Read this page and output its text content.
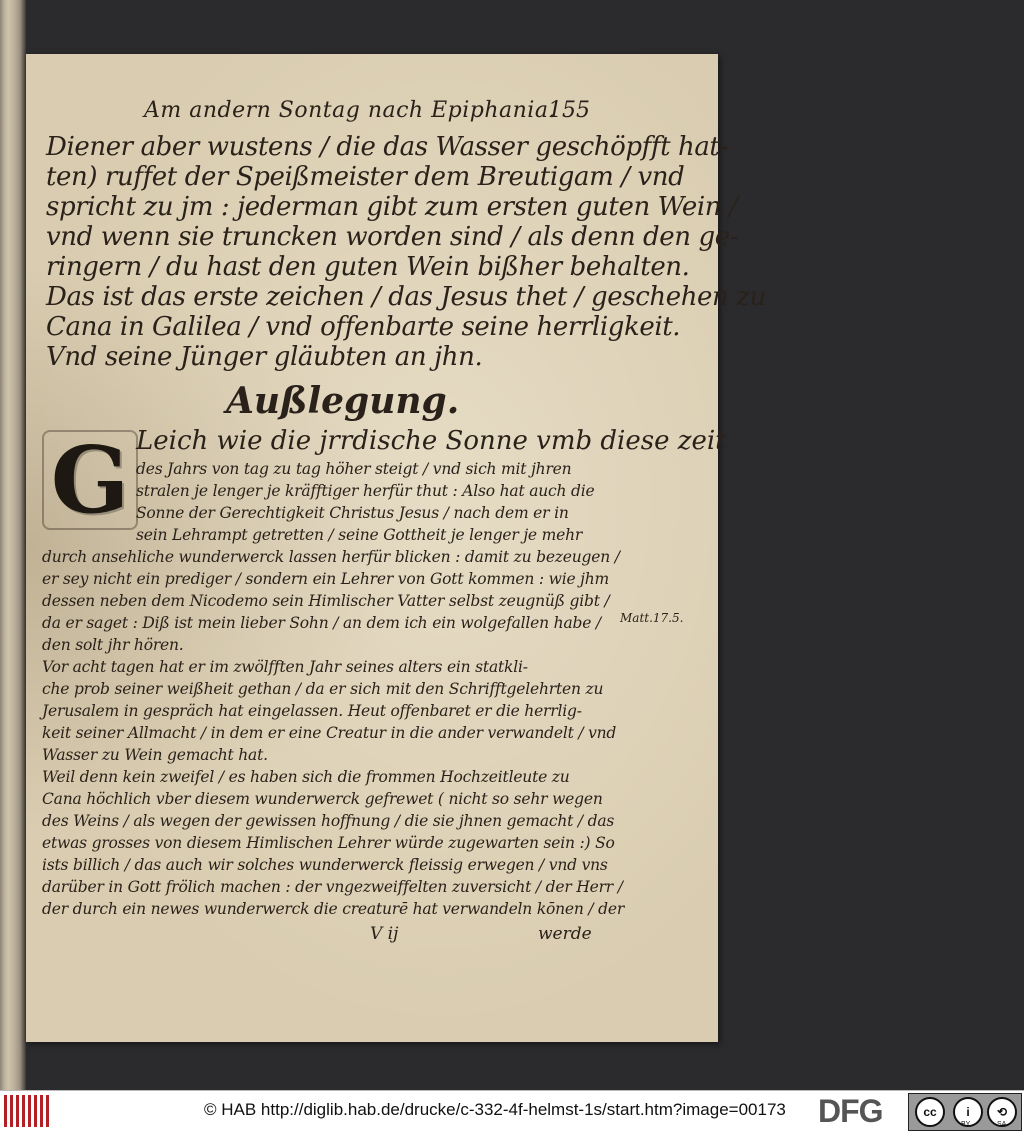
Am andern Sontag nach Epiphania.
155
Diener aber wustens / die das Wasser geschöpfft hat-
ten) ruffet der Speißmeister dem Breutigam / vnd
spricht zu jm : jederman gibt zum ersten guten Wein /
vnd wenn sie truncken worden sind / als denn den ge-
ringern / du hast den guten Wein bißher behalten.
Das ist das erste zeichen / das Jesus thet / geschehen zu
Cana in Galilea / vnd offenbarte seine herrligkeit.
Vnd seine Jünger gläubten an jhn.
Außlegung.
G Leich wie die jrrdische Sonne vmb diese zeit
des Jahrs von tag zu tag höher steigt / vnd sich mit jhren
stralen je lenger je kräfftiger herfür thut : Also hat auch die
Sonne der Gerechtigkeit Christus Jesus / nach dem er in
sein Lehrampt getretten / seine Gottheit je lenger je mehr
durch ansehliche wunderwerck lassen herfür blicken : damit zu bezeugen /
er sey nicht ein prediger / sondern ein Lehrer von Gott kommen : wie jhm
dessen neben dem Nicodemo sein Himlischer Vatter selbst zeugnüß gibt /
da er saget : Diß ist mein lieber Sohn / an dem ich ein wolgefallen habe /
den solt jhr hören.
Vor acht tagen hat er im zwölfften Jahr seines alters ein statkli-
che prob seiner weißheit gethan / da er sich mit den Schrifftgelehrten zu
Jerusalem in gespräch hat eingelassen. Heut offenbaret er die herrlig-
keit seiner Allmacht / in dem er eine Creatur in die ander verwandelt / vnd
Wasser zu Wein gemacht hat.
Weil denn kein zweifel / es haben sich die frommen Hochzeitleute zu
Cana höchlich vber diesem wunderwerck gefrewet ( nicht so sehr wegen
des Weins / als wegen der gewissen hoffnung / die sie jhnen gemacht / das
etwas grosses von diesem Himlischen Lehrer würde zugewarten sein :) So
ists billich / das auch wir solches wunderwerck fleissig erwegen / vnd vns
darüber in Gott frölich machen : der vngezweiffelten zuversicht / der Herr /
der durch ein newes wunderwerck die creaturē hat verwandeln kōnen / der
Matt.17.5.
V ij	werde
© HAB http://diglib.hab.de/drucke/c-332-4f-helmst-1s/start.htm?image=00173 DFG	cc	i	⟲
BY	SA
